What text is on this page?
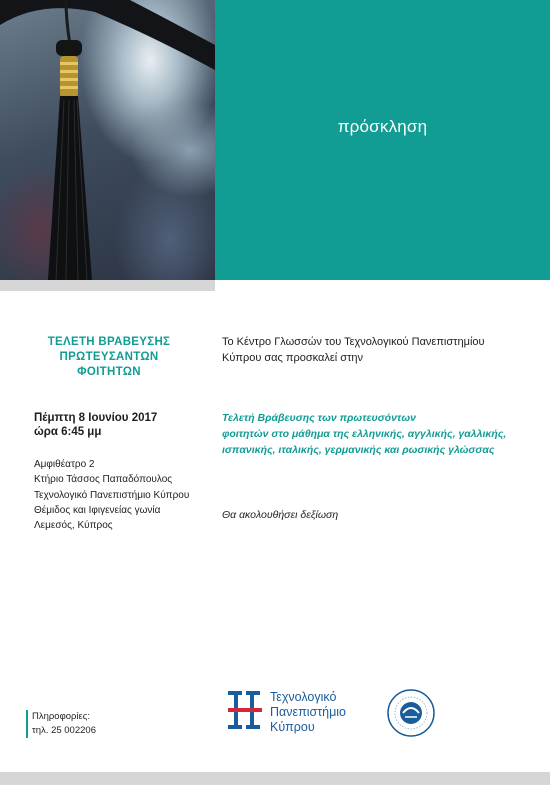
πρόσκληση
ΤΕΛΕΤΗ ΒΡΑΒΕΥΣΗΣ
ΠΡΩΤΕΥΣΑΝΤΩΝ
ΦΟΙΤΗΤΩΝ
Πέμπτη 8 Ιουνίου 2017
ώρα 6:45 μμ
Αμφιθέατρο 2
Κτήριο Τάσσος Παπαδόπουλος
Τεχνολογικό Πανεπιστήμιο Κύπρου
Θέμιδος και Ιφιγενείας γωνία
Λεμεσός, Κύπρος
Το Κέντρο Γλωσσών του Τεχνολογικού Πανεπιστημίου
Κύπρου σας προσκαλεί στην
Τελετή Βράβευσης των πρωτευσόντων
φοιτητών στο μάθημα της ελληνικής, αγγλικής, γαλλικής,
ισπανικής, ιταλικής, γερμανικής και ρωσικής γλώσσας
Θα ακολουθήσει δεξίωση
Πληροφορίες:
τηλ. 25 002206
Τεχνολογικό
Πανεπιστήμιο
Κύπρου
